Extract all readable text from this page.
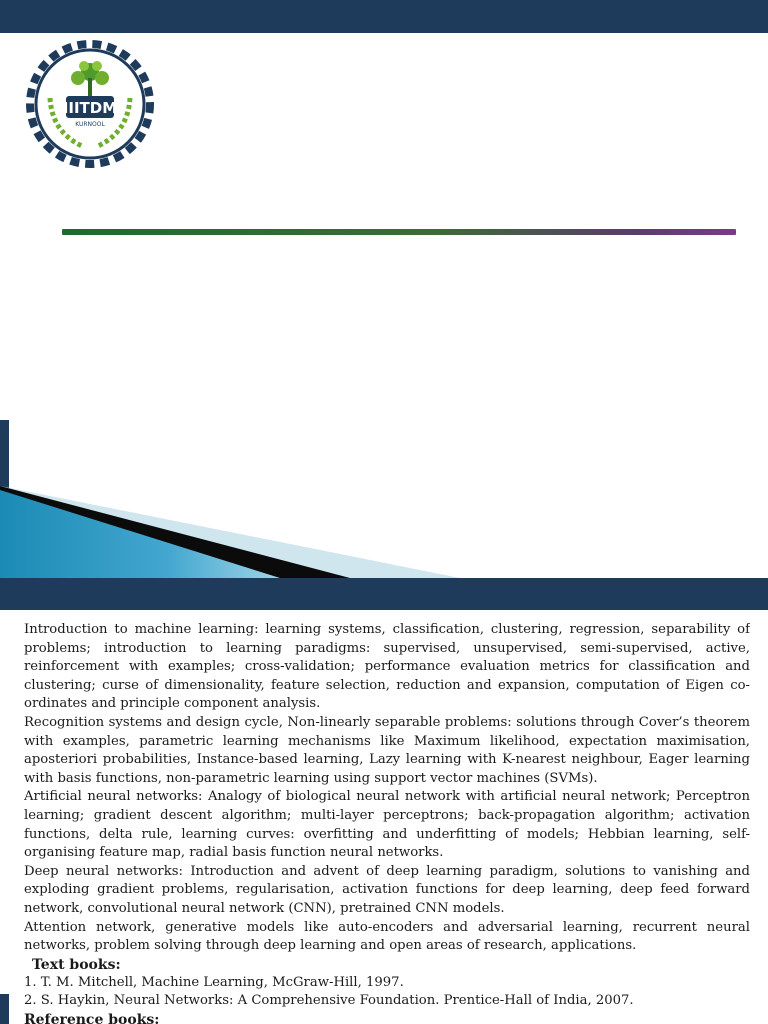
IIITDM
KURNOOL

Introduction to machine learning: learning systems, classification, clustering, regression, separability of problems; introduction to learning paradigms: supervised, unsupervised, semi-supervised, active, reinforcement with examples; cross-validation; performance evaluation metrics for classification and clustering; curse of dimensionality, feature selection, reduction and expansion, computation of Eigen co-ordinates and principle component analysis.

Recognition systems and design cycle, Non-linearly separable problems: solutions through Cover’s theorem with examples, parametric learning mechanisms like Maximum likelihood, expectation maximisation, aposteriori probabilities, Instance-based learning, Lazy learning with K-nearest neighbour, Eager learning with basis functions, non-parametric learning using support vector machines (SVMs).

Artificial neural networks: Analogy of biological neural network with artificial neural network; Perceptron learning; gradient descent algorithm; multi-layer perceptrons; back-propagation algorithm; activation functions, delta rule, learning curves: overfitting and underfitting of models; Hebbian learning, self-organising feature map, radial basis function neural networks.

Deep neural networks: Introduction and advent of deep learning paradigm, solutions to vanishing and exploding gradient problems, regularisation, activation functions for deep learning, deep feed forward network, convolutional neural network (CNN), pretrained CNN models.

Attention network, generative models like auto-encoders and adversarial learning, recurrent neural networks, problem solving through deep learning and open areas of research, applications.

Text books:

1. T. M. Mitchell, Machine Learning, McGraw-Hill, 1997.

2. S. Haykin, Neural Networks: A Comprehensive Foundation. Prentice-Hall of India, 2007.

Reference books:
